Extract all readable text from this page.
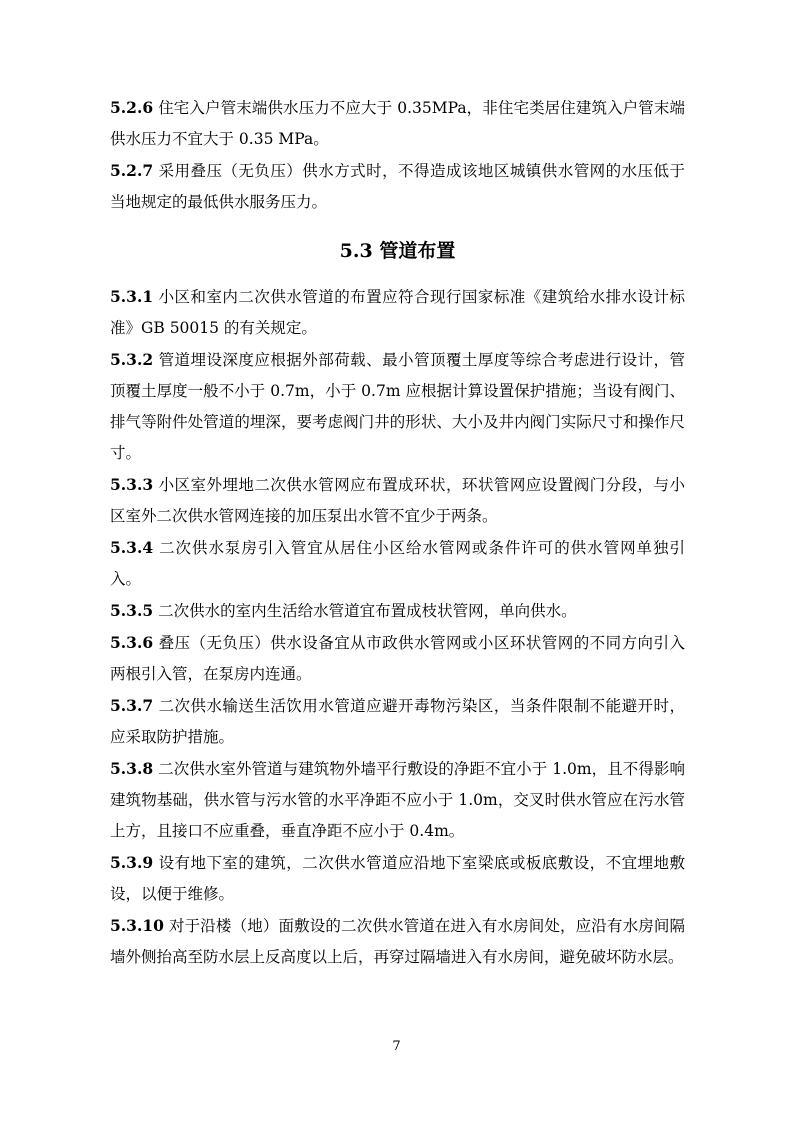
5.2.6 住宅入户管末端供水压力不应大于 0.35MPa，非住宅类居住建筑入户管末端供水压力不宜大于 0.35 MPa。

5.2.7 采用叠压（无负压）供水方式时，不得造成该地区城镇供水管网的水压低于当地规定的最低供水服务压力。

5.3 管道布置

5.3.1 小区和室内二次供水管道的布置应符合现行国家标准《建筑给水排水设计标准》GB 50015 的有关规定。

5.3.2 管道埋设深度应根据外部荷载、最小管顶覆土厚度等综合考虑进行设计，管顶覆土厚度一般不小于 0.7m，小于 0.7m 应根据计算设置保护措施；当设有阀门、排气等附件处管道的埋深，要考虑阀门井的形状、大小及井内阀门实际尺寸和操作尺寸。

5.3.3 小区室外埋地二次供水管网应布置成环状，环状管网应设置阀门分段，与小区室外二次供水管网连接的加压泵出水管不宜少于两条。

5.3.4 二次供水泵房引入管宜从居住小区给水管网或条件许可的供水管网单独引入。

5.3.5 二次供水的室内生活给水管道宜布置成枝状管网，单向供水。

5.3.6 叠压（无负压）供水设备宜从市政供水管网或小区环状管网的不同方向引入两根引入管，在泵房内连通。

5.3.7 二次供水输送生活饮用水管道应避开毒物污染区，当条件限制不能避开时，应采取防护措施。

5.3.8 二次供水室外管道与建筑物外墙平行敷设的净距不宜小于 1.0m，且不得影响建筑物基础，供水管与污水管的水平净距不应小于 1.0m，交叉时供水管应在污水管上方，且接口不应重叠，垂直净距不应小于 0.4m。

5.3.9 设有地下室的建筑，二次供水管道应沿地下室梁底或板底敷设，不宜埋地敷设，以便于维修。

5.3.10 对于沿楼（地）面敷设的二次供水管道在进入有水房间处，应沿有水房间隔墙外侧抬高至防水层上反高度以上后，再穿过隔墙进入有水房间，避免破坏防水层。

7
